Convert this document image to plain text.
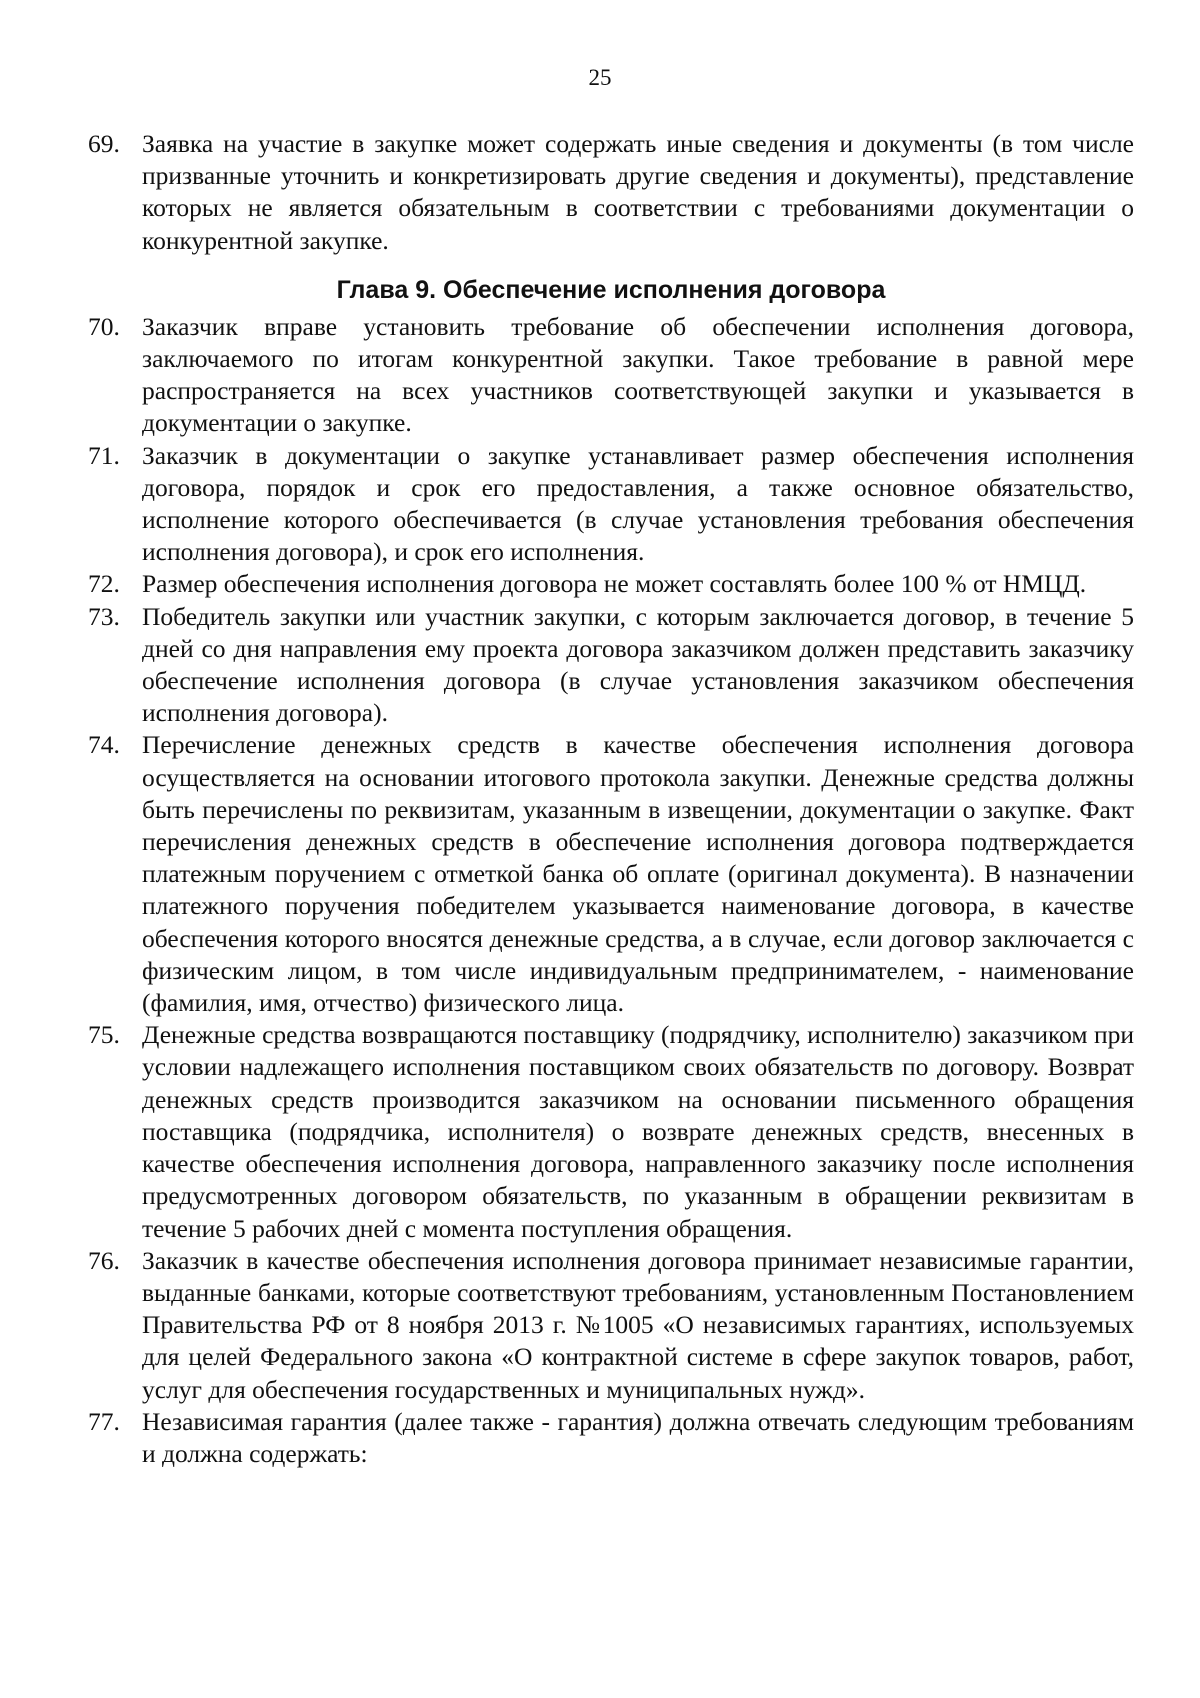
25
69. Заявка на участие в закупке может содержать иные сведения и документы (в том числе призванные уточнить и конкретизировать другие сведения и документы), представление которых не является обязательным в соответствии с требованиями документации о конкурентной закупке.
Глава 9. Обеспечение исполнения договора
70. Заказчик вправе установить требование об обеспечении исполнения договора, заключаемого по итогам конкурентной закупки. Такое требование в равной мере распространяется на всех участников соответствующей закупки и указывается в документации о закупке.
71. Заказчик в документации о закупке устанавливает размер обеспечения исполнения договора, порядок и срок его предоставления, а также основное обязательство, исполнение которого обеспечивается (в случае установления требования обеспечения исполнения договора), и срок его исполнения.
72. Размер обеспечения исполнения договора не может составлять более 100 % от НМЦД.
73. Победитель закупки или участник закупки, с которым заключается договор, в течение 5 дней со дня направления ему проекта договора заказчиком должен представить заказчику обеспечение исполнения договора (в случае установления заказчиком обеспечения исполнения договора).
74. Перечисление денежных средств в качестве обеспечения исполнения договора осуществляется на основании итогового протокола закупки. Денежные средства должны быть перечислены по реквизитам, указанным в извещении, документации о закупке. Факт перечисления денежных средств в обеспечение исполнения договора подтверждается платежным поручением с отметкой банка об оплате (оригинал документа). В назначении платежного поручения победителем указывается наименование договора, в качестве обеспечения которого вносятся денежные средства, а в случае, если договор заключается с физическим лицом, в том числе индивидуальным предпринимателем, - наименование (фамилия, имя, отчество) физического лица.
75. Денежные средства возвращаются поставщику (подрядчику, исполнителю) заказчиком при условии надлежащего исполнения поставщиком своих обязательств по договору. Возврат денежных средств производится заказчиком на основании письменного обращения поставщика (подрядчика, исполнителя) о возврате денежных средств, внесенных в качестве обеспечения исполнения договора, направленного заказчику после исполнения предусмотренных договором обязательств, по указанным в обращении реквизитам в течение 5 рабочих дней с момента поступления обращения.
76. Заказчик в качестве обеспечения исполнения договора принимает независимые гарантии, выданные банками, которые соответствуют требованиям, установленным Постановлением Правительства РФ от 8 ноября 2013 г. №1005 «О независимых гарантиях, используемых для целей Федерального закона «О контрактной системе в сфере закупок товаров, работ, услуг для обеспечения государственных и муниципальных нужд».
77. Независимая гарантия (далее также - гарантия) должна отвечать следующим требованиям и должна содержать:
